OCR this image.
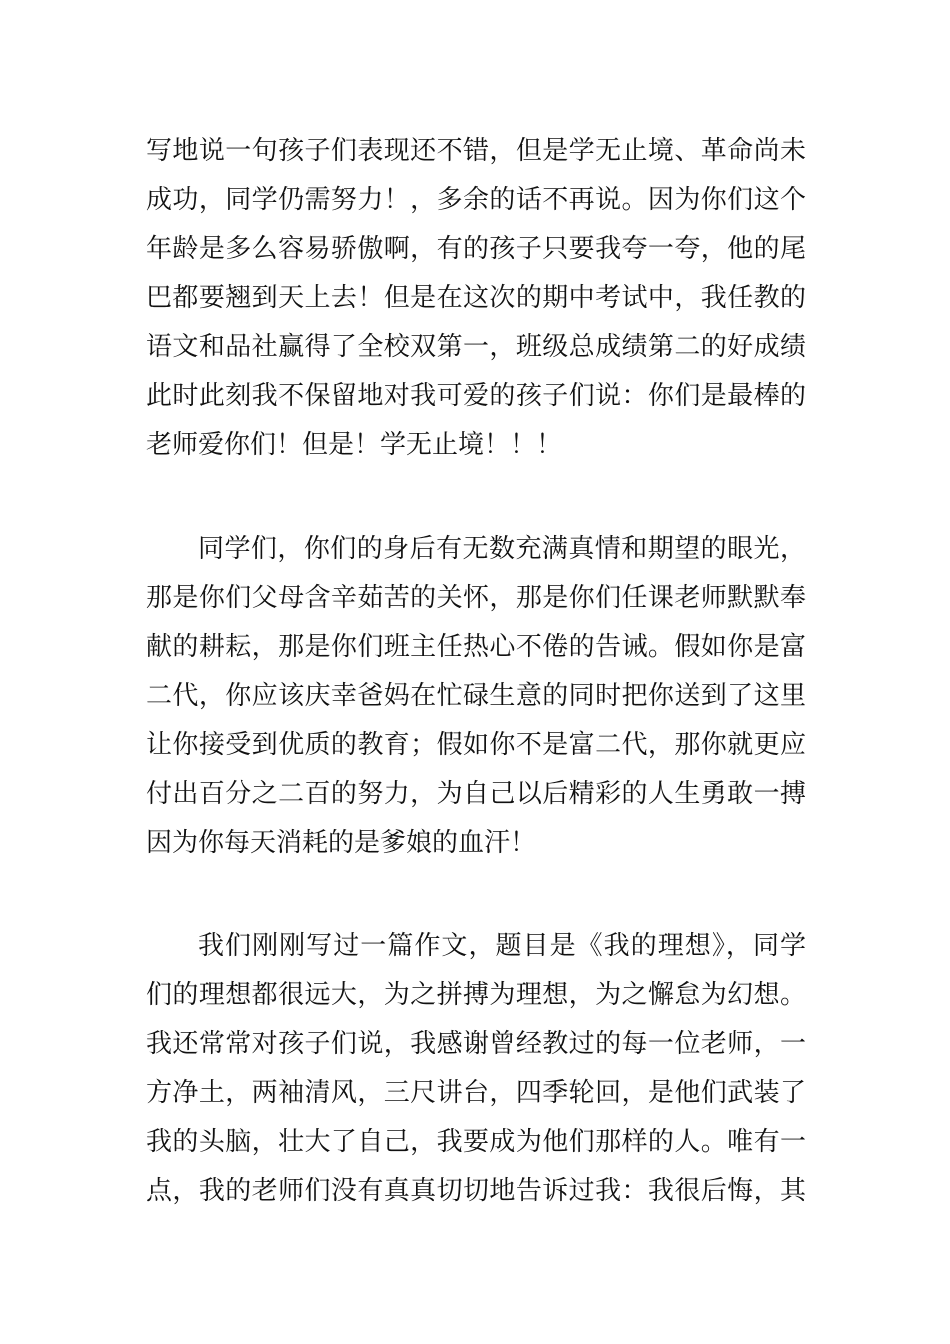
写地说一句孩子们表现还不错，但是学无止境、革命尚未
成功，同学仍需努力！，多余的话不再说。因为你们这个
年龄是多么容易骄傲啊，有的孩子只要我夸一夸，他的尾
巴都要翘到天上去！但是在这次的期中考试中，我任教的
语文和品社赢得了全校双第一，班级总成绩第二的好成绩
此时此刻我不保留地对我可爱的孩子们说：你们是最棒的
老师爱你们！但是！学无止境！！！
同学们，你们的身后有无数充满真情和期望的眼光，
那是你们父母含辛茹苦的关怀，那是你们任课老师默默奉
献的耕耘，那是你们班主任热心不倦的告诫。假如你是富
二代，你应该庆幸爸妈在忙碌生意的同时把你送到了这里
让你接受到优质的教育；假如你不是富二代，那你就更应
付出百分之二百的努力，为自己以后精彩的人生勇敢一搏
因为你每天消耗的是爹娘的血汗！
我们刚刚写过一篇作文，题目是《我的理想》，同学
们的理想都很远大，为之拼搏为理想，为之懈怠为幻想。
我还常常对孩子们说，我感谢曾经教过的每一位老师，一
方净土，两袖清风，三尺讲台，四季轮回，是他们武装了
我的头脑，壮大了自己，我要成为他们那样的人。唯有一
点，我的老师们没有真真切切地告诉过我：我很后悔，其
